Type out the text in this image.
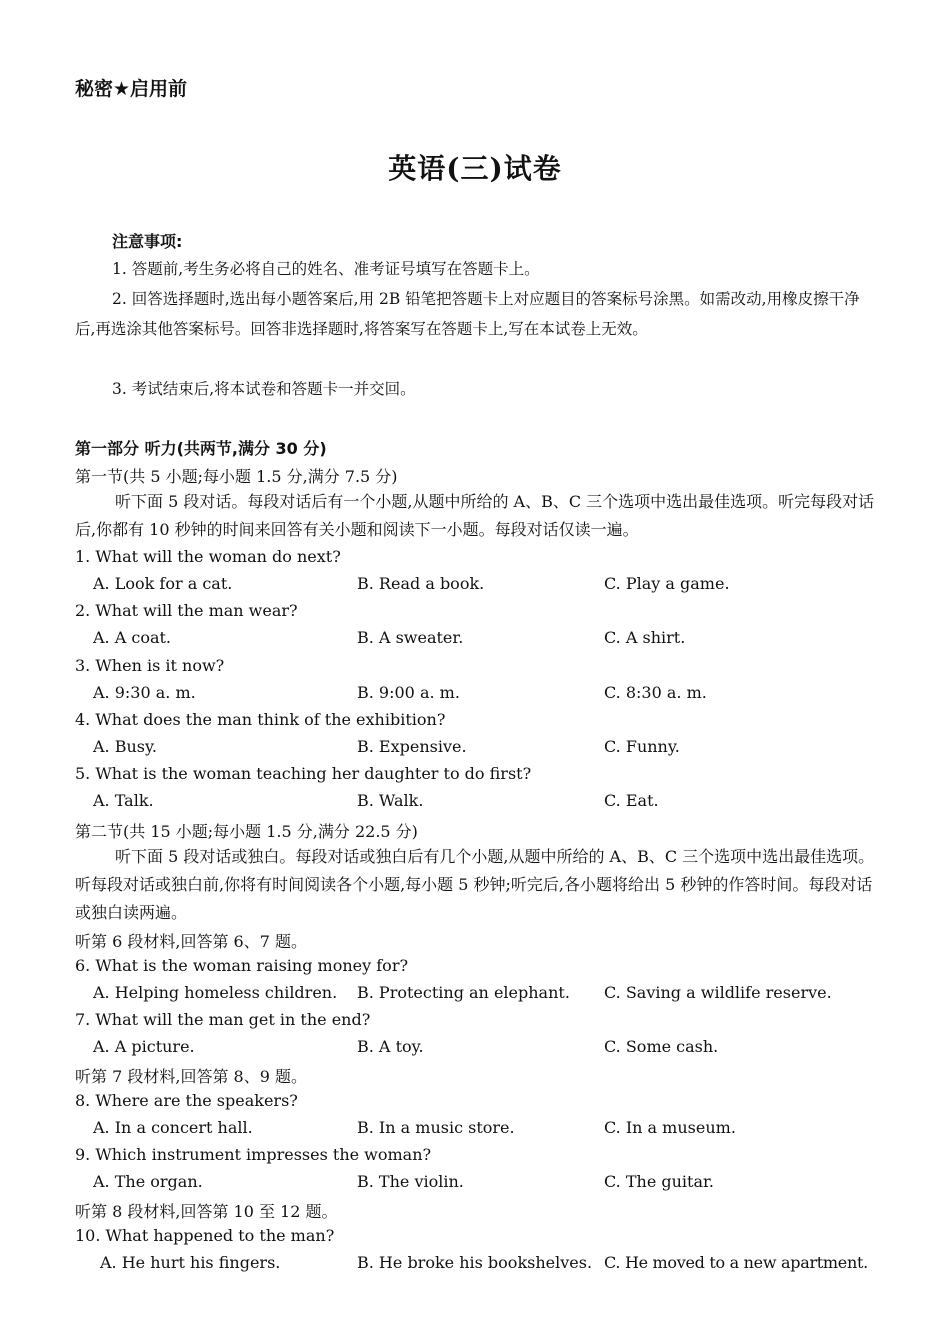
秘密★启用前
英语(三)试卷
注意事项:
1. 答题前,考生务必将自己的姓名、准考证号填写在答题卡上。
2. 回答选择题时,选出每小题答案后,用 2B 铅笔把答题卡上对应题目的答案标号涂黑。如需改动,用橡皮擦干净后,再选涂其他答案标号。回答非选择题时,将答案写在答题卡上,写在本试卷上无效。
3. 考试结束后,将本试卷和答题卡一并交回。
第一部分 听力(共两节,满分 30 分)
第一节(共 5 小题;每小题 1.5 分,满分 7.5 分)
听下面 5 段对话。每段对话后有一个小题,从题中所给的 A、B、C 三个选项中选出最佳选项。听完每段对话后,你都有 10 秒钟的时间来回答有关小题和阅读下一小题。每段对话仅读一遍。
1. What will the woman do next?
A. Look for a cat.	B. Read a book.	C. Play a game.
2. What will the man wear?
A. A coat.	B. A sweater.	C. A shirt.
3. When is it now?
A. 9:30 a. m.	B. 9:00 a. m.	C. 8:30 a. m.
4. What does the man think of the exhibition?
A. Busy.	B. Expensive.	C. Funny.
5. What is the woman teaching her daughter to do first?
A. Talk.	B. Walk.	C. Eat.
第二节(共 15 小题;每小题 1.5 分,满分 22.5 分)
听下面 5 段对话或独白。每段对话或独白后有几个小题,从题中所给的 A、B、C 三个选项中选出最佳选项。听每段对话或独白前,你将有时间阅读各个小题,每小题 5 秒钟;听完后,各小题将给出 5 秒钟的作答时间。每段对话或独白读两遍。
听第 6 段材料,回答第 6、7 题。
6. What is the woman raising money for?
A. Helping homeless children. B. Protecting an elephant. C. Saving a wildlife reserve.
7. What will the man get in the end?
A. A picture.	B. A toy.	C. Some cash.
听第 7 段材料,回答第 8、9 题。
8. Where are the speakers?
A. In a concert hall.	B. In a music store.	C. In a museum.
9. Which instrument impresses the woman?
A. The organ.	B. The violin.	C. The guitar.
听第 8 段材料,回答第 10 至 12 题。
10. What happened to the man?
A. He hurt his fingers.	B. He broke his bookshelves. C. He moved to a new apartment.
